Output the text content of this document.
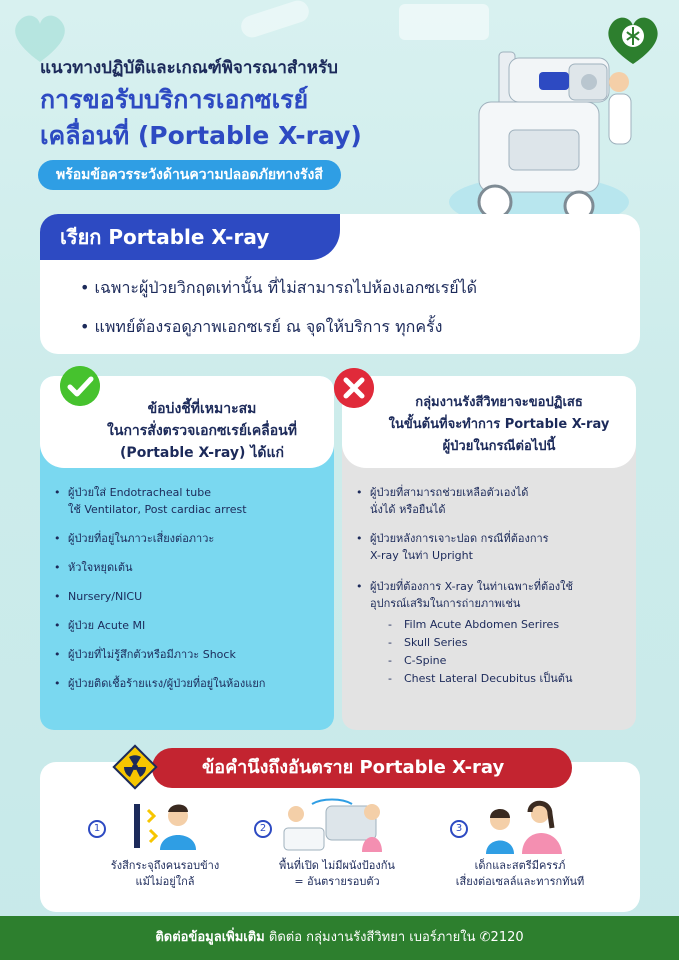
แนวทางปฏิบัติและเกณฑ์พิจารณาสำหรับ
การขอรับบริการเอกซเรย์
เคลื่อนที่ (Portable X-ray)
พร้อมข้อควรระวังด้านความปลอดภัยทางรังสี
เรียก Portable X-ray
• เฉพาะผู้ป่วยวิกฤตเท่านั้น ที่ไม่สามารถไปห้องเอกซเรย์ได้
• แพทย์ต้องรอดูภาพเอกซเรย์ ณ จุดให้บริการ ทุกครั้ง
ข้อบ่งชี้ที่เหมาะสม
ในการสั่งตรวจเอกซเรย์เคลื่อนที่
(Portable X-ray) ได้แก่
• ผู้ป่วยใส่ Endotracheal tube
ใช้ Ventilator, Post cardiac arrest
• ผู้ป่วยที่อยู่ในภาวะเสี่ยงต่อภาวะ
• หัวใจหยุดเต้น
• Nursery/NICU
• ผู้ป่วย Acute MI
• ผู้ป่วยที่ไม่รู้สึกตัวหรือมีภาวะ Shock
• ผู้ป่วยติดเชื้อร้ายแรง/ผู้ป่วยที่อยู่ในห้องแยก
กลุ่มงานรังสีวิทยาจะขอปฏิเสธ
ในขั้นต้นที่จะทำการ Portable X-ray
ผู้ป่วยในกรณีต่อไปนี้
• ผู้ป่วยที่สามารถช่วยเหลือตัวเองได้
นั่งได้ หรือยืนได้
• ผู้ป่วยหลังการเจาะปอด กรณีที่ต้องการ
X-ray ในท่า Upright
• ผู้ป่วยที่ต้องการ X-ray ในท่าเฉพาะที่ต้องใช้
อุปกรณ์เสริมในการถ่ายภาพเช่น
- Film Acute Abdomen Serires
- Skull Series
- C-Spine
- Chest Lateral Decubitus เป็นต้น
ข้อคำนึงถึงอันตราย Portable X-ray
1
รังสีกระจุถึงคนรอบข้าง
แม้ไม่อยู่ใกล้
2
พื้นที่เปิด ไม่มีผนังป้องกัน
= อันตรายรอบตัว
3
เด็กและสตรีมีครรภ์
เสี่ยงต่อเซลล์และทารกทันที
ติดต่อข้อมูลเพิ่มเติม ติดต่อ กลุ่มงานรังสีวิทยา เบอร์ภายใน ✆2120
